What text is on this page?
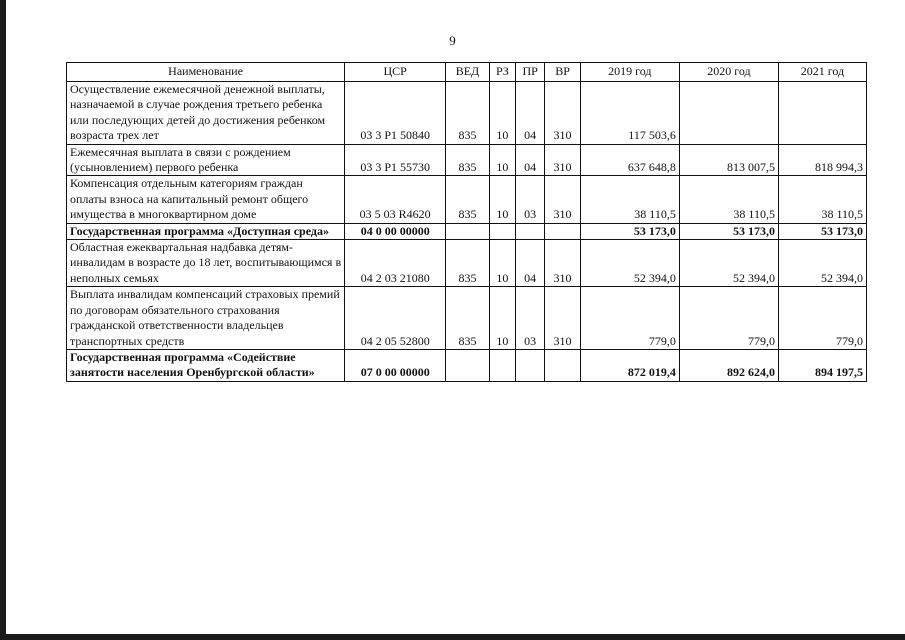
9
Наименование	ЦСР	ВЕД	РЗ	ПР	ВР	2019 год	2020 год	2021 год
Осуществление ежемесячной денежной выплаты, назначаемой в случае рождения третьего ребенка или последующих детей до достижения ребенком возраста трех лет	03 3 P1 50840	835	10	04	310	117 503,6		
Ежемесячная выплата в связи с рождением (усыновлением) первого ребенка	03 3 P1 55730	835	10	04	310	637 648,8	813 007,5	818 994,3
Компенсация отдельным категориям граждан оплаты взноса на капитальный ремонт общего имущества в многоквартирном доме	03 5 03 R4620	835	10	03	310	38 110,5	38 110,5	38 110,5
Государственная программа «Доступная среда»	04 0 00 00000					53 173,0	53 173,0	53 173,0
Областная ежеквартальная надбавка детям-инвалидам в возрасте до 18 лет, воспитывающимся в неполных семьях	04 2 03 21080	835	10	04	310	52 394,0	52 394,0	52 394,0
Выплата инвалидам компенсаций страховых премий по договорам обязательного страхования гражданской ответственности владельцев транспортных средств	04 2 05 52800	835	10	03	310	779,0	779,0	779,0
Государственная программа «Содействие занятости населения Оренбургской области»	07 0 00 00000					872 019,4	892 624,0	894 197,5
